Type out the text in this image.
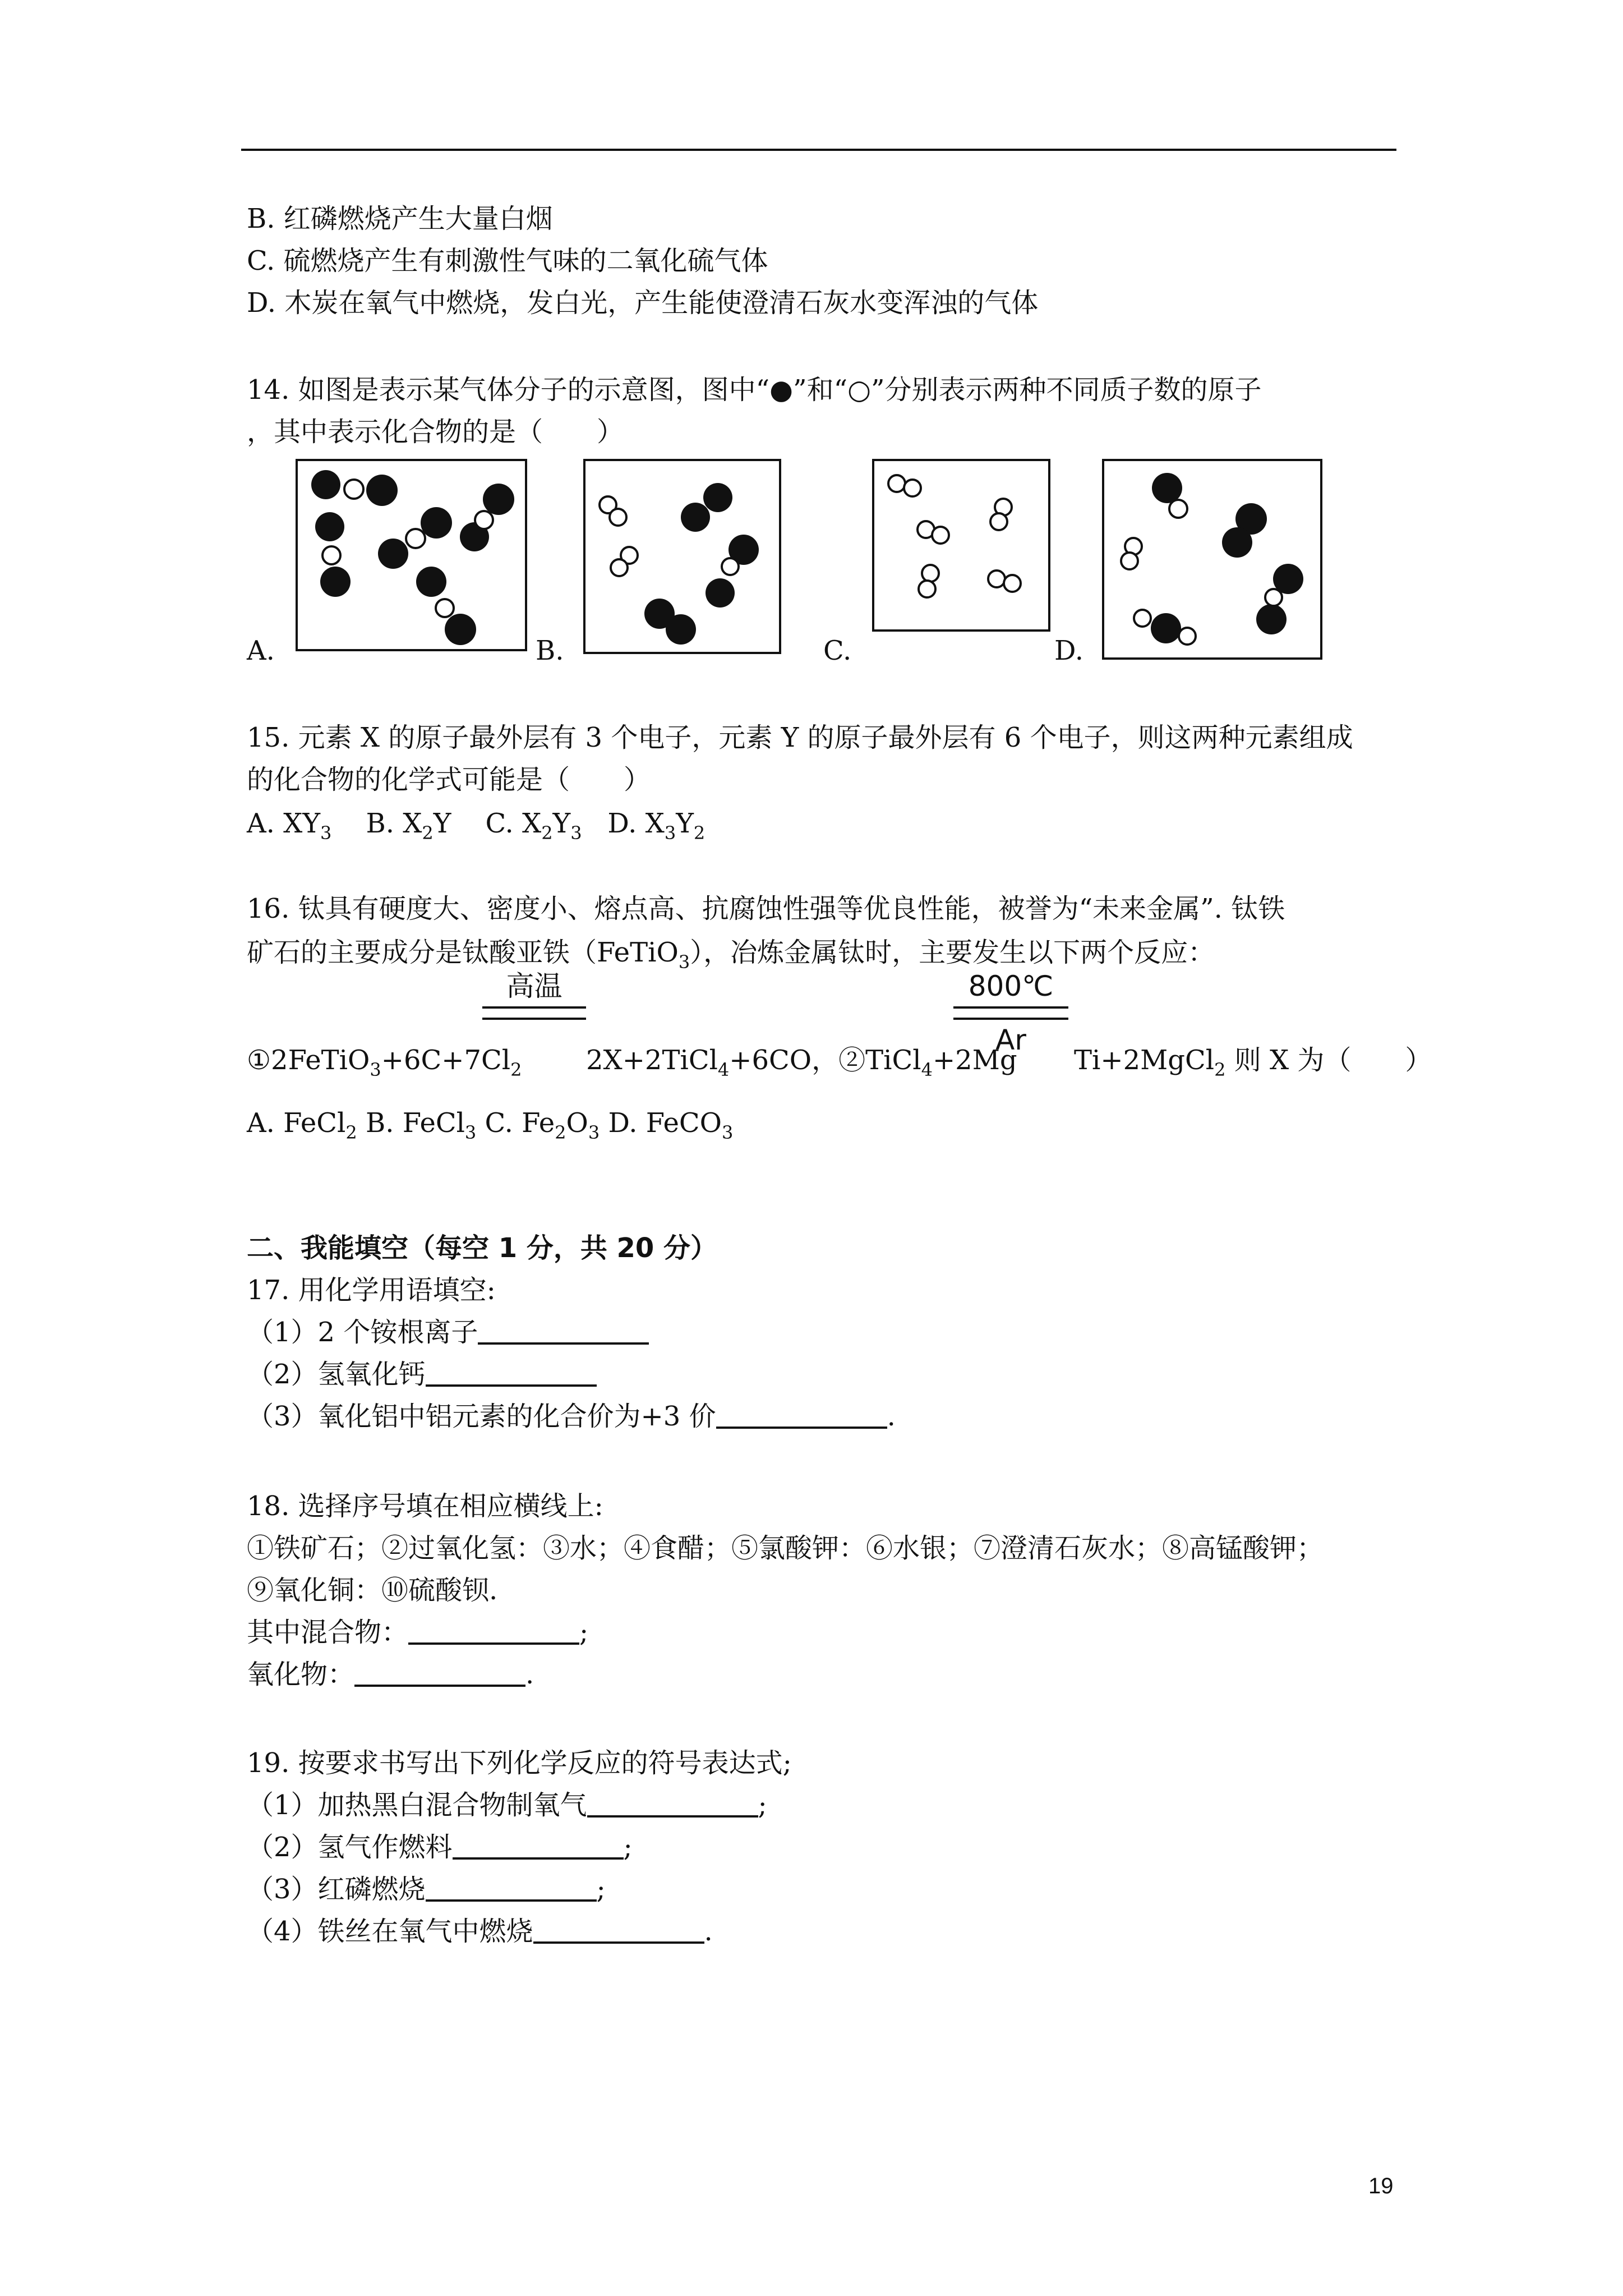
B. 红磷燃烧产生大量白烟
C. 硫燃烧产生有刺激性气味的二氧化硫气体
D. 木炭在氧气中燃烧，发白光，产生能使澄清石灰水变浑浊的气体
14. 如图是表示某气体分子的示意图，图中“●”和“○”分别表示两种不同质子数的原子
，其中表示化合物的是（　　）
A.	B.	C.	D.
15. 元素 X 的原子最外层有 3 个电子，元素 Y 的原子最外层有 6 个电子，则这两种元素组成
的化合物的化学式可能是（　　）
A. $XY_3$ B. $X_2Y$ C. $X_2Y_3$ D. $X_3Y_2$
16. 钛具有硬度大、密度小、熔点高、抗腐蚀性强等优良性能，被誉为“未来金属”. 钛铁
矿石的主要成分是钛酸亚铁（FeTiO$_3$），冶炼金属钛时，主要发生以下两个反应：
高温	800℃
Ar
$①2FeTiO_3+6C+7Cl_2$ 2X+2TiCl$_4$+6CO，②TiCl$_4$+2Mg Ti+2MgCl$_2$ 则 X 为（　　）
A. FeCl$_2$ B. FeCl$_3$ C. $Fe_2O_3$ D. FeCO$_3$
二、我能填空（每空 1 分，共 20 分）
17. 用化学用语填空:
（1）2 个铵根离子
（2）氢氧化钙
（3）氧化铝中铝元素的化合价为+3 价	.
18. 选择序号填在相应横线上:
①铁矿石；②过氧化氢：③水；④食醋；⑤氯酸钾：⑥水银；⑦澄清石灰水；⑧高锰酸钾；
⑨氧化铜：⑩硫酸钡.
其中混合物：	;
氧化物：	.
19. 按要求书写出下列化学反应的符号表达式;
（1）加热黑白混合物制氧气	;
（2）氢气作燃料	;
（3）红磷燃烧	;
（4）铁丝在氧气中燃烧	.
19
